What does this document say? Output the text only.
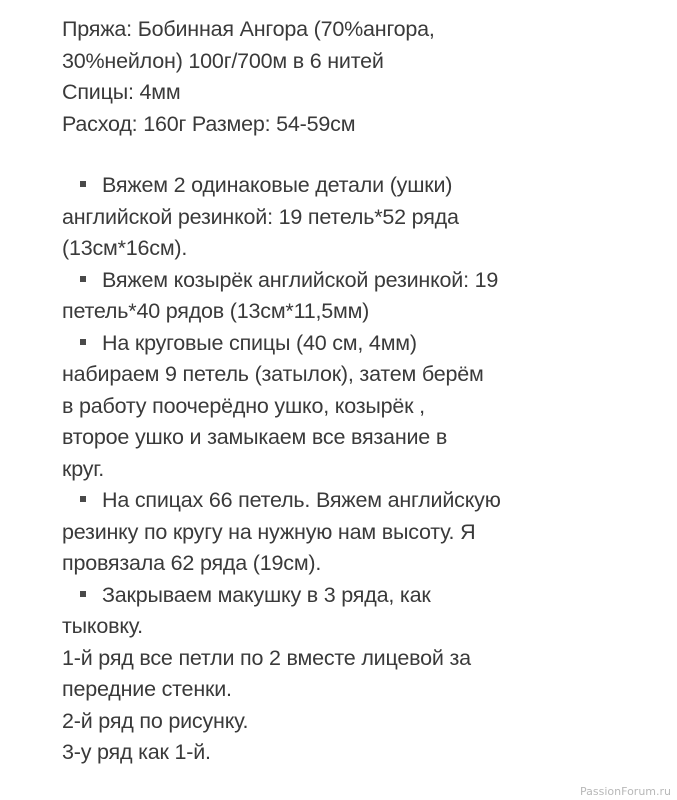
Пряжа: Бобинная Ангора (70%ангора,
30%нейлон) 100г/700м в 6 нитей
Спицы: 4мм
Расход: 160г Размер: 54-59см
Вяжем 2 одинаковые детали (ушки)
английской резинкой: 19 петель*52 ряда
(13см*16см).
Вяжем козырёк английской резинкой: 19
петель*40 рядов (13см*11,5мм)
На круговые спицы (40 см, 4мм)
набираем 9 петель (затылок), затем берём
в работу поочерёдно ушко, козырёк ,
второе ушко и замыкаем все вязание в
круг.
На спицах 66 петель. Вяжем английскую
резинку по кругу на нужную нам высоту. Я
провязала 62 ряда (19см).
Закрываем макушку в 3 ряда, как
тыковку.
1-й ряд все петли по 2 вместе лицевой за
передние стенки.
2-й ряд по рисунку.
3-у ряд как 1-й.
PassionForum.ru
